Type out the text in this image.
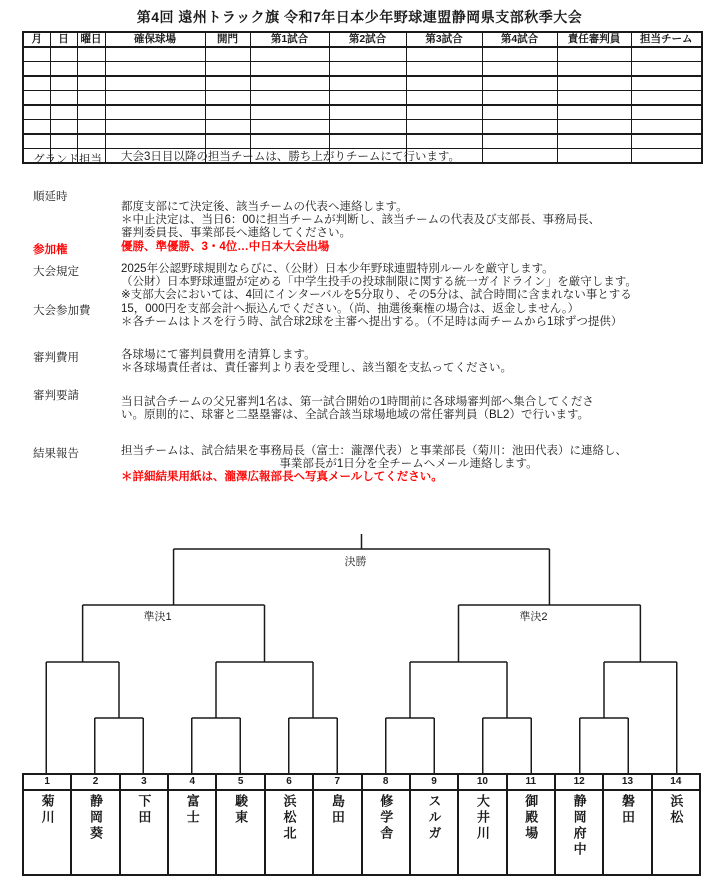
第4回 遠州トラック旗 令和7年日本少年野球連盟静岡県支部秋季大会
月	日	曜日	確保球場	開門	第1試合	第2試合	第3試合	第4試合	責任審判員	担当チーム

グランド担当 大会3日目以降の担当チームは、勝ち上がりチームにて行います。
順延時
都度支部にて決定後、該当チームの代表へ連絡します。
＊中止決定は、当日6：00に担当チームが判断し、該当チームの代表及び支部長、事務局長、
審判委員長、事業部長へ連絡してください。
参加権	優勝、準優勝、3・4位…中日本大会出場
大会規定	2025年公認野球規則ならびに、（公財）日本少年野球連盟特別ルールを厳守します。
（公財）日本野球連盟が定める「中学生投手の投球制限に関する統一ガイドライン」を厳守します。
※支部大会においては、4回にインターバルを5分取り、その5分は、試合時間に含まれない事とする
大会参加費	15，000円を支部会計へ振込んでください。（尚、抽選後棄権の場合は、返金しません。）
＊各チームはトスを行う時、試合球2球を主審へ提出する。（不足時は両チームから1球ずつ提供）
審判費用	各球場にて審判員費用を清算します。
＊各球場責任者は、責任審判より表を受理し、該当額を支払ってください。
審判要請	当日試合チームの父兄審判1名は、第一試合開始の1時間前に各球場審判部へ集合してくださ
い。原則的に、球審と二塁塁審は、全試合該当球場地域の常任審判員（BL2）で行います。
結果報告	担当チームは、試合結果を事務局長（富士：瀧澤代表）と事業部長（菊川：池田代表）に連絡し、
事業部長が1日分を全チームへメール連絡します。
＊詳細結果用紙は、瀧澤広報部長へ写真メールしてください。
決勝
準決1	準決2
1
菊川
2
静岡葵
3
下田
4
富士
5
駿東
6
浜松北
7
島田
8
修学舎
9
スルガ
10
大井川
11
御殿場
12
静岡府中
13
磐田
14
浜松
